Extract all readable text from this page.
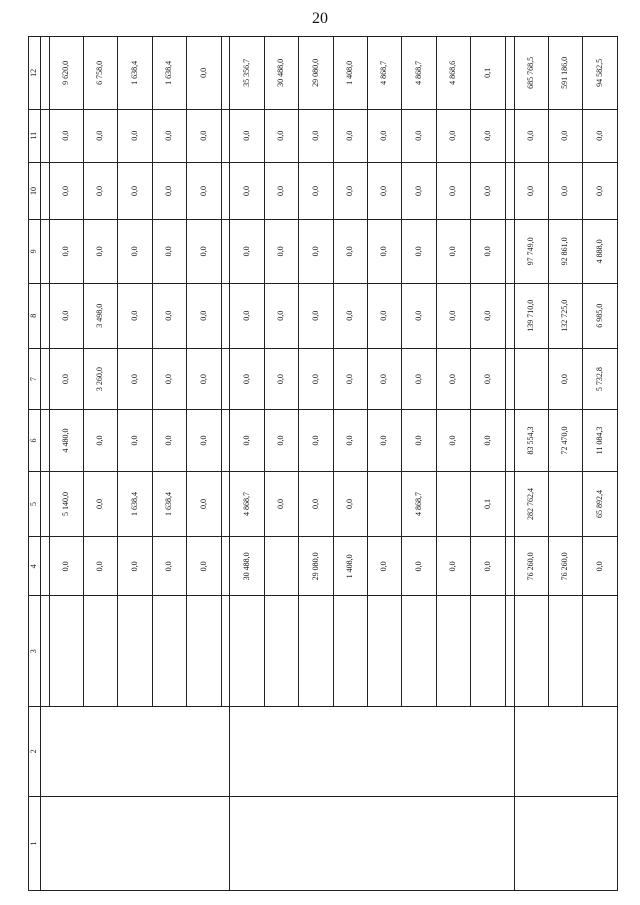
20
1	2	3	4	5	6	7	8	9	10	11	12

			0,0	5 140,0	4 480,0	0,0	0,0	0,0	0,0	0,0	9 620,0
			0,0	0,0	0,0	3 260,0	3 498,0	0,0	0,0	0,0	6 758,0
			0,0	1 638,4	0,0	0,0	0,0	0,0	0,0	0,0	1 638,4
			0,0	1 638,4	0,0	0,0	0,0	0,0	0,0	0,0	1 638,4
			0,0	0,0	0,0	0,0	0,0	0,0	0,0	0,0	0,0

			30 488,0	4 868,7	0,0	0,0	0,0	0,0	0,0	0,0	35 356,7
				0,0	0,0	0,0	0,0	0,0	0,0	0,0	30 488,0
			29 080,0	0,0	0,0	0,0	0,0	0,0	0,0	0,0	29 080,0
			1 408,0	0,0	0,0	0,0	0,0	0,0	0,0	0,0	1 408,0
			0,0		0,0	0,0	0,0	0,0	0,0	0,0	4 868,7
			0,0	4 868,7	0,0	0,0	0,0	0,0	0,0	0,0	4 868,7
			0,0		0,0	0,0	0,0	0,0	0,0	0,0	4 868,6
			0,0	0,1	0,0	0,0	0,0	0,0	0,0	0,0	0,1

			76 260,0	282 762,4	83 554,3		139 710,0	97 749,0	0,0	0,0	685 768,5
			76 260,0		72 470,0	0,0	132 725,0	92 861,0	0,0	0,0	591 186,0
			0,0	65 892,4	11 084,3	5 732,8	6 985,0	4 888,0	0,0	0,0	94 582,5
